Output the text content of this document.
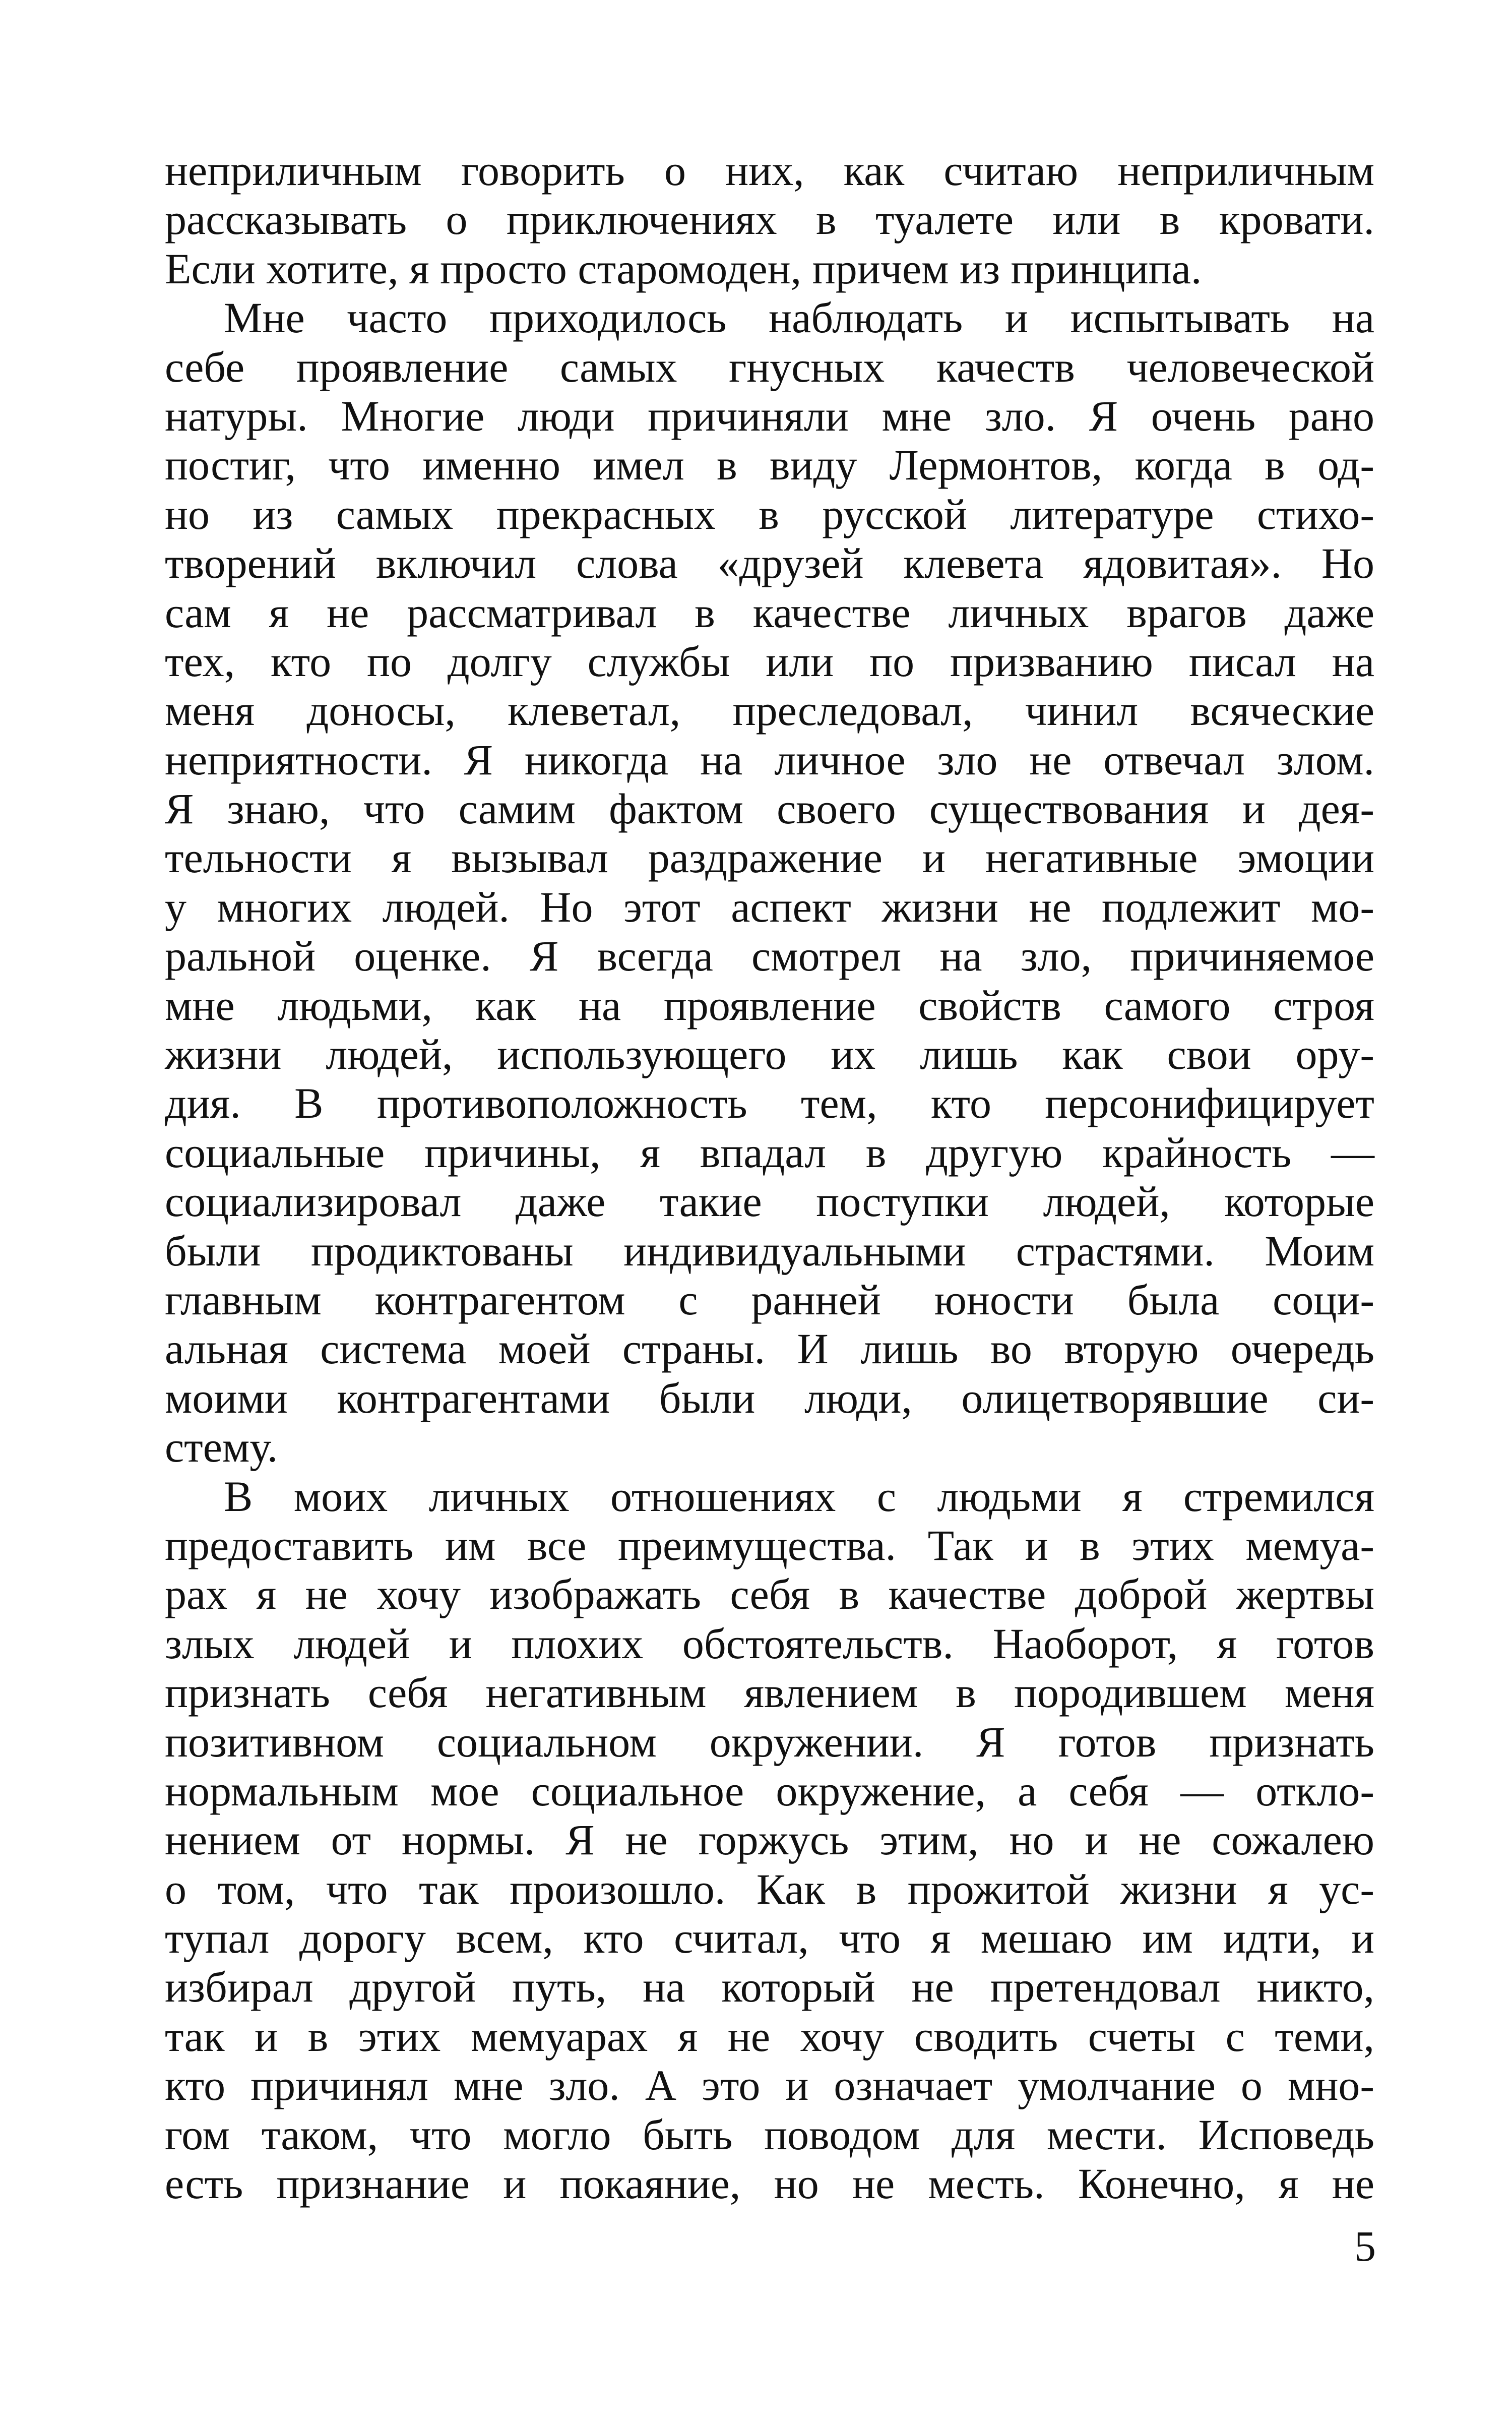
неприличным говорить о них, как считаю неприличным
рассказывать о приключениях в туалете или в кровати.
Если хотите, я просто старомоден, причем из принципа.
Мне часто приходилось наблюдать и испытывать на
себе проявление самых гнусных качеств человеческой
натуры. Многие люди причиняли мне зло. Я очень рано
постиг, что именно имел в виду Лермонтов, когда в од-
но из самых прекрасных в русской литературе стихо-
творений включил слова «друзей клевета ядовитая». Но
сам я не рассматривал в качестве личных врагов даже
тех, кто по долгу службы или по призванию писал на
меня доносы, клеветал, преследовал, чинил всяческие
неприятности. Я никогда на личное зло не отвечал злом.
Я знаю, что самим фактом своего существования и дея-
тельности я вызывал раздражение и негативные эмоции
у многих людей. Но этот аспект жизни не подлежит мо-
ральной оценке. Я всегда смотрел на зло, причиняемое
мне людьми, как на проявление свойств самого строя
жизни людей, использующего их лишь как свои ору-
дия. В противоположность тем, кто персонифицирует
социальные причины, я впадал в другую крайность —
социализировал даже такие поступки людей, которые
были продиктованы индивидуальными страстями. Моим
главным контрагентом с ранней юности была соци-
альная система моей страны. И лишь во вторую очередь
моими контрагентами были люди, олицетворявшие си-
стему.
В моих личных отношениях с людьми я стремился
предоставить им все преимущества. Так и в этих мемуа-
рах я не хочу изображать себя в качестве доброй жертвы
злых людей и плохих обстоятельств. Наоборот, я готов
признать себя негативным явлением в породившем меня
позитивном социальном окружении. Я готов признать
нормальным мое социальное окружение, а себя — откло-
нением от нормы. Я не горжусь этим, но и не сожалею
о том, что так произошло. Как в прожитой жизни я ус-
тупал дорогу всем, кто считал, что я мешаю им идти, и
избирал другой путь, на который не претендовал никто,
так и в этих мемуарах я не хочу сводить счеты с теми,
кто причинял мне зло. А это и означает умолчание о мно-
гом таком, что могло быть поводом для мести. Исповедь
есть признание и покаяние, но не месть. Конечно, я не
5
